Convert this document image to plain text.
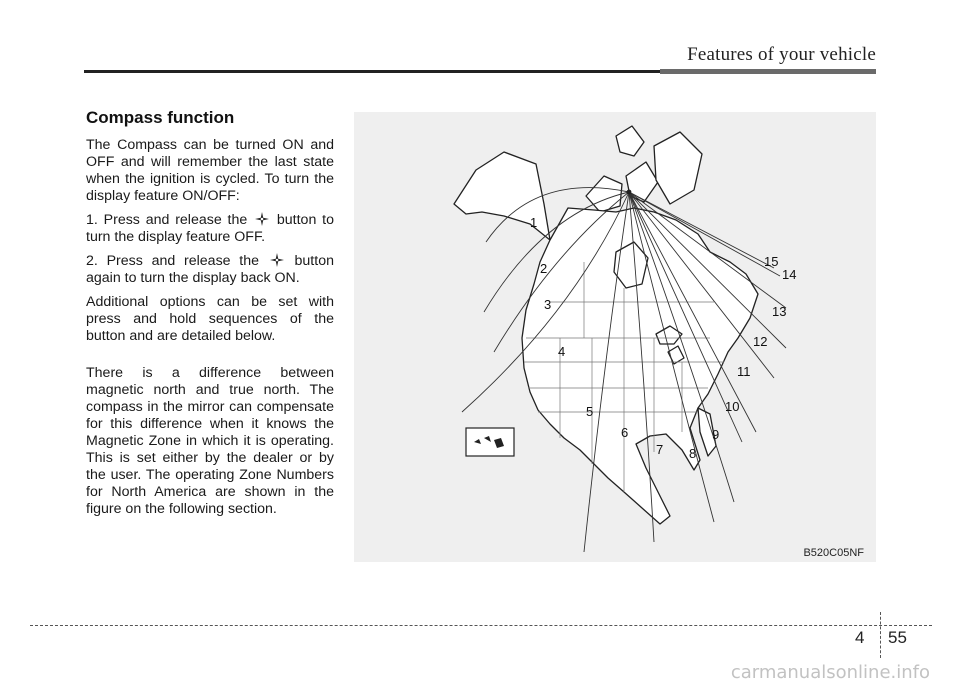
Features of your vehicle
Compass function

The Compass can be turned ON and OFF and will remember the last state when the ignition is cycled. To turn the display feature ON/OFF:

1. Press and release the button to turn the display feature OFF.

2. Press and release the	button again to turn the display back ON.

Additional options can be set with press and hold sequences of the button and are detailed below.

There is a difference between magnetic north and true north. The compass in the mirror can compensate for this difference when it knows the Magnetic Zone in which it is operating. This is set either by the dealer or by the user. The operating Zone Numbers for North America are shown in the figure on the following section.

1
2
3
4
5
6
7 8
9
10
11
12
13
14
15
B520C05NF
4 55
carmanualsonline.info
